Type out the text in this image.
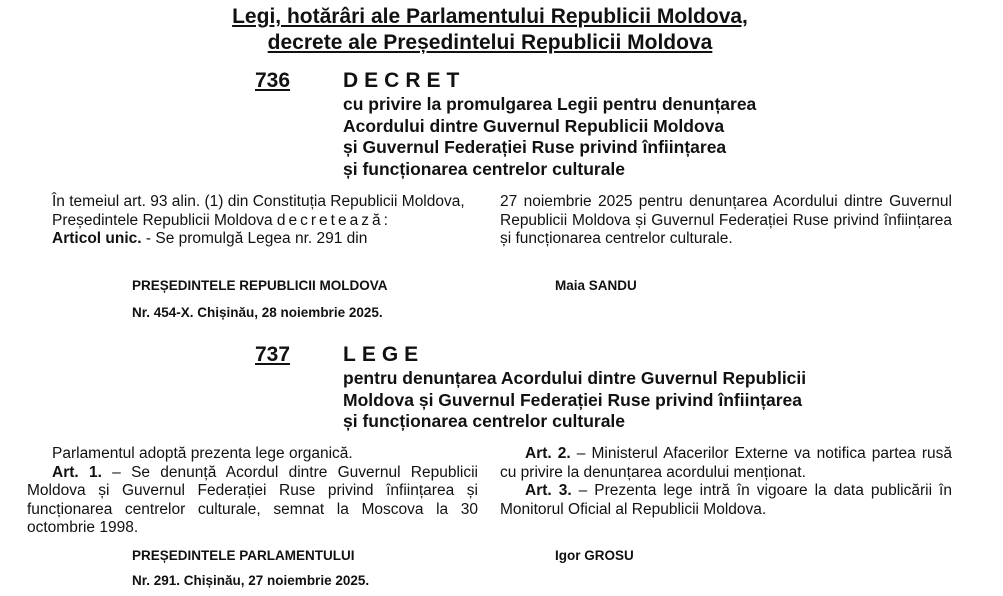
Legi, hotărâri ale Parlamentului Republicii Moldova,
decrete ale Președintelui Republicii Moldova
736	DECRET
cu privire la promulgarea Legii pentru denunțarea
Acordului dintre Guvernul Republicii Moldova
și Guvernul Federației Ruse privind înființarea
și funcționarea centrelor culturale

În temeiul art. 93 alin. (1) din Constituția Republicii Moldova,

Președintele Republicii Moldova decretează:

Articol unic. - Se promulgă Legea nr. 291 din

27 noiembrie 2025 pentru denunțarea Acordului dintre Guvernul Republicii Moldova și Guvernul Federației Ruse privind înființarea și funcționarea centrelor culturale.

PREȘEDINTELE REPUBLICII MOLDOVA	Maia SANDU
Nr. 454-X. Chișinău, 28 noiembrie 2025.
737	LEGE
pentru denunțarea Acordului dintre Guvernul Republicii
Moldova și Guvernul Federației Ruse privind înființarea
și funcționarea centrelor culturale

Parlamentul adoptă prezenta lege organică.

Art. 1. – Se denunță Acordul dintre Guvernul Republicii Moldova și Guvernul Federației Ruse privind înființarea și funcționarea centrelor culturale, semnat la Moscova la 30 octombrie 1998.

Art. 2. – Ministerul Afacerilor Externe va notifica partea rusă cu privire la denunțarea acordului menționat.

Art. 3. – Prezenta lege intră în vigoare la data publicării în Monitorul Oficial al Republicii Moldova.

PREȘEDINTELE PARLAMENTULUI	Igor GROSU
Nr. 291. Chișinău, 27 noiembrie 2025.
